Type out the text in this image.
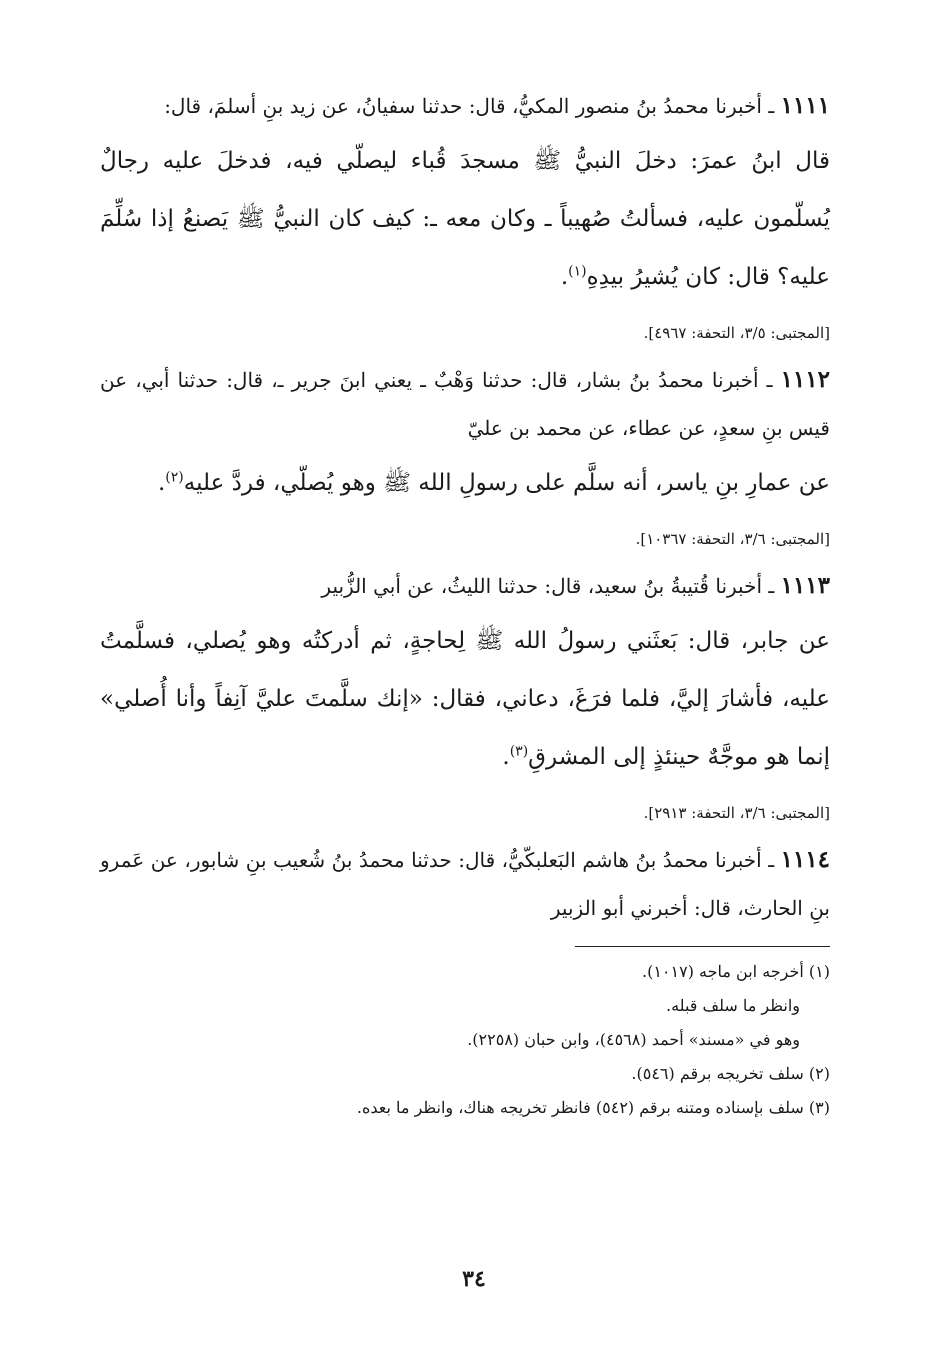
١١١١ ـ أخبرنا محمدُ بنُ منصور المكيُّ، قال: حدثنا سفيانُ، عن زيد بنِ أسلمَ، قال:

قال ابنُ عمرَ: دخلَ النبيُّ ﷺ مسجدَ قُباء ليصلّي فيه، فدخلَ عليه رجالٌ يُسلّمون عليه، فسألتُ صُهيباً ـ وكان معه ـ: كيف كان النبيُّ ﷺ يَصنعُ إذا سُلِّمَ عليه؟ قال: كان يُشيرُ بيدِهِ$^{(١)}$.

[المجتبى: ٣/٥، التحفة: ٤٩٦٧].

١١١٢ ـ أخبرنا محمدُ بنُ بشار، قال: حدثنا وَهْبٌ ـ يعني ابنَ جرير ـ، قال: حدثنا أبي، عن قيس بنِ سعدٍ، عن عطاء، عن محمد بن عليّ

عن عمارِ بنِ ياسر، أنه سلَّم على رسولِ الله ﷺ وهو يُصلّي، فردَّ عليه$^{(٢)}$.

[المجتبى: ٣/٦، التحفة: ١٠٣٦٧].

١١١٣ ـ أخبرنا قُتيبةُ بنُ سعيد، قال: حدثنا الليثُ، عن أبي الزُّبير

عن جابر، قال: بَعثَني رسولُ الله ﷺ لِحاجةٍ، ثم أدركتُه وهو يُصلي، فسلَّمتُ عليه، فأشارَ إليَّ، فلما فرَغَ، دعاني، فقال: «إنك سلَّمتَ عليَّ آنِفاً وأنا أُصلي» إنما هو موجَّهٌ حينئذٍ إلى المشرقِ$^{(٣)}$.

[المجتبى: ٣/٦، التحفة: ٢٩١٣].

١١١٤ ـ أخبرنا محمدُ بنُ هاشم البَعلبكّيُّ، قال: حدثنا محمدُ بنُ شُعيب بنِ شابور، عن عَمرو بنِ الحارث، قال: أخبرني أبو الزبير

(١) أخرجه ابن ماجه (١٠١٧).

وانظر ما سلف قبله.

وهو في «مسند» أحمد (٤٥٦٨)، وابن حبان (٢٢٥٨).

(٢) سلف تخريجه برقم (٥٤٦).

(٣) سلف بإسناده ومتنه برقم (٥٤٢) فانظر تخريجه هناك، وانظر ما بعده.

٣٤
